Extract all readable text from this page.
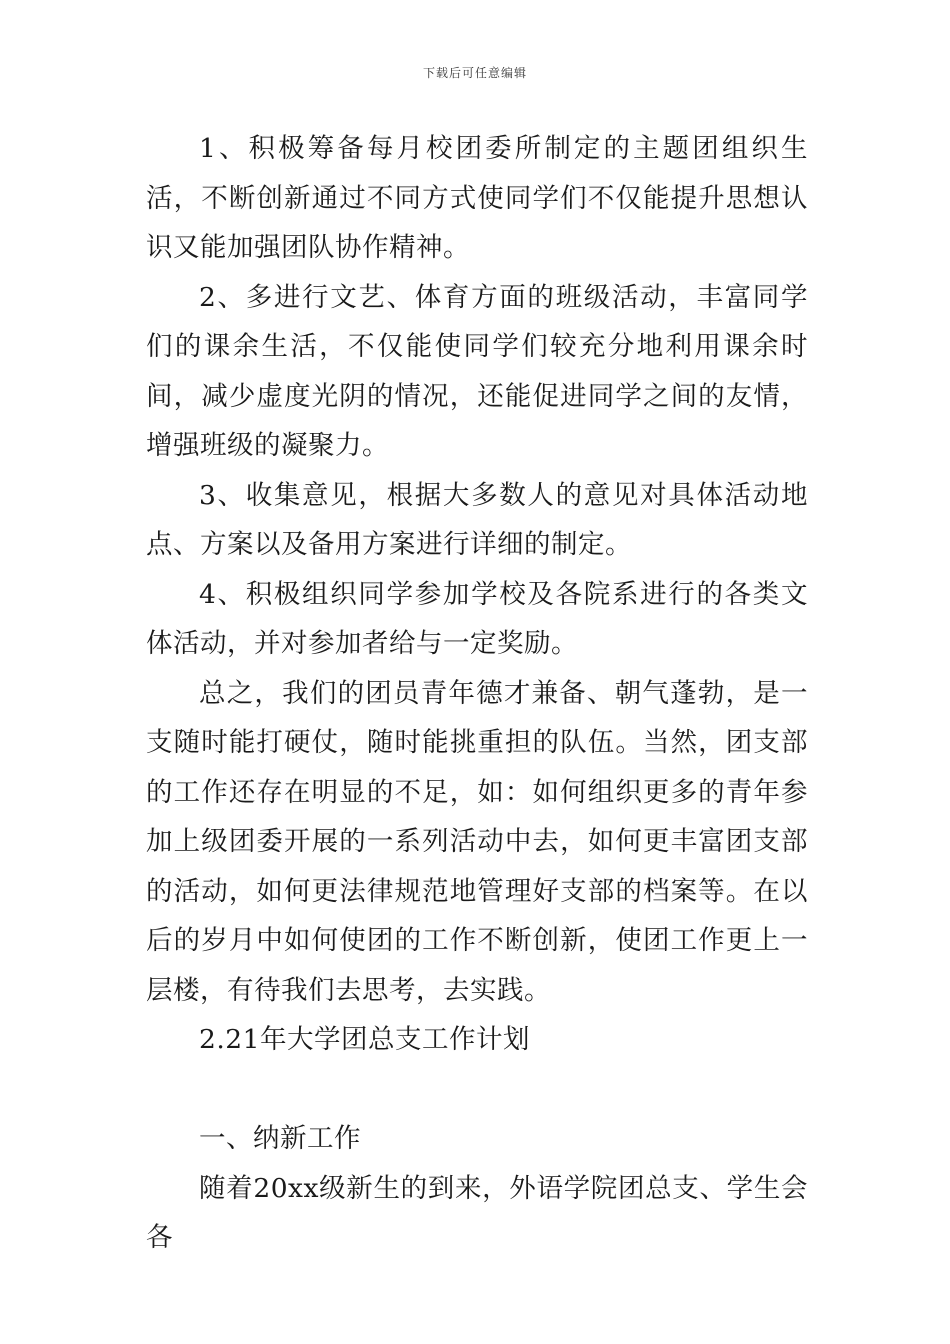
下载后可任意编辑

1、积极筹备每月校团委所制定的主题团组织生活，不断创新通过不同方式使同学们不仅能提升思想认识又能加强团队协作精神。

2、多进行文艺、体育方面的班级活动，丰富同学们的课余生活，不仅能使同学们较充分地利用课余时间，减少虚度光阴的情况，还能促进同学之间的友情，增强班级的凝聚力。

3、收集意见，根据大多数人的意见对具体活动地点、方案以及备用方案进行详细的制定。

4、积极组织同学参加学校及各院系进行的各类文体活动，并对参加者给与一定奖励。

总之，我们的团员青年德才兼备、朝气蓬勃，是一支随时能打硬仗，随时能挑重担的队伍。当然，团支部的工作还存在明显的不足，如：如何组织更多的青年参加上级团委开展的一系列活动中去，如何更丰富团支部的活动，如何更法律规范地管理好支部的档案等。在以后的岁月中如何使团的工作不断创新，使团工作更上一层楼，有待我们去思考，去实践。

2.21年大学团总支工作计划

一、纳新工作

随着20xx级新生的到来，外语学院团总支、学生会各
